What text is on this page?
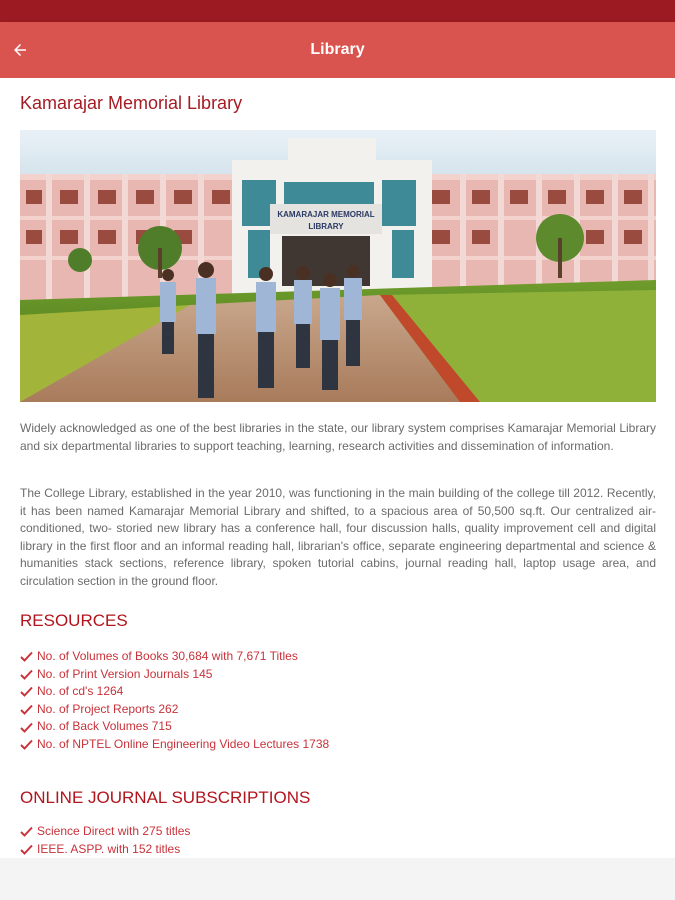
Library
Kamarajar Memorial Library
KAMARAJAR MEMORIAL
LIBRARY

Widely acknowledged as one of the best libraries in the state, our library system comprises Kamarajar Memorial Library and six departmental libraries to support teaching, learning, research activities and dissemination of information.

The College Library, established in the year 2010, was functioning in the main building of the college till 2012. Recently, it has been named Kamarajar Memorial Library and shifted, to a spacious area of 50,500 sq.ft. Our centralized air-conditioned, two- storied new library has a conference hall, four discussion halls, quality improvement cell and digital library in the first floor and an informal reading hall, librarian's office, separate engineering departmental and science & humanities stack sections, reference library, spoken tutorial cabins, journal reading hall, laptop usage area, and circulation section in the ground floor.

RESOURCES
No. of Volumes of Books 30,684 with 7,671 Titles
No. of Print Version Journals 145
No. of cd's 1264
No. of Project Reports 262
No. of Back Volumes 715
No. of NPTEL Online Engineering Video Lectures 1738
ONLINE JOURNAL SUBSCRIPTIONS
Science Direct with 275 titles
IEEE. ASPP. with 152 titles
